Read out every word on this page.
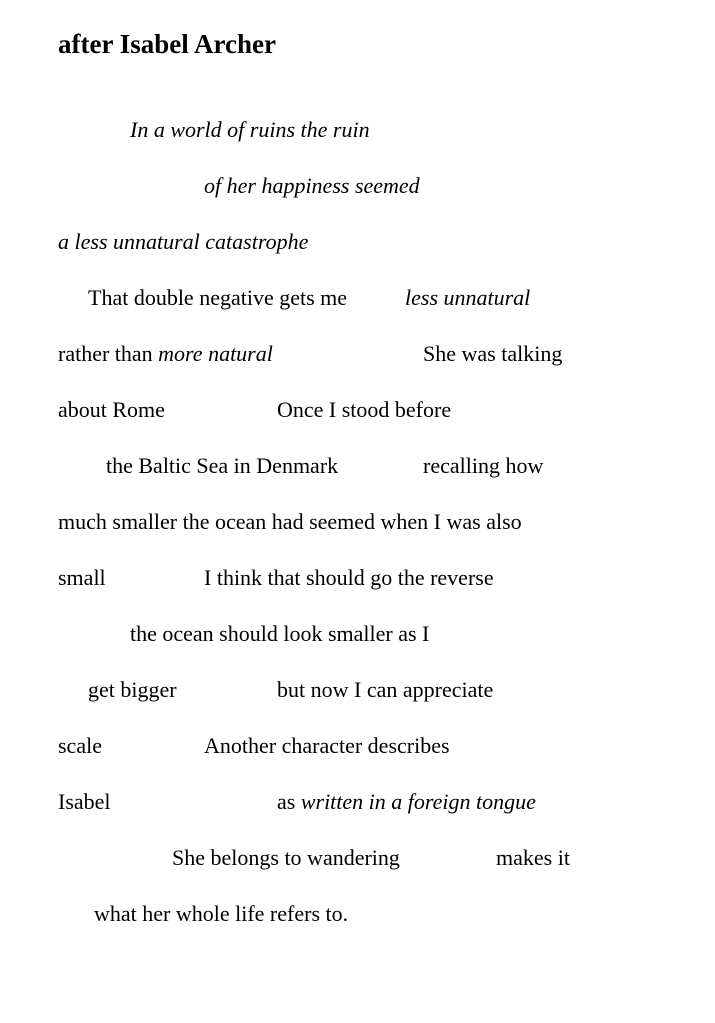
after Isabel Archer
In a world of ruins the ruin
of her happiness seemed
a less unnatural catastrophe
That double negative gets me	less unnatural
rather than more natural	She was talking
about Rome	Once I stood before
the Baltic Sea in Denmark	recalling how
much smaller the ocean had seemed when I was also
small	I think that should go the reverse
the ocean should look smaller as I
get bigger	but now I can appreciate
scale	Another character describes
Isabel	as written in a foreign tongue
She belongs to wandering	makes it
what her whole life refers to.
